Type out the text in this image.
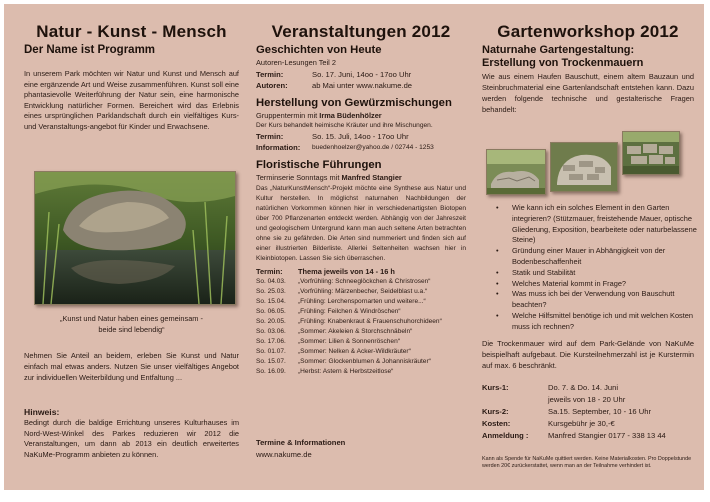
Natur - Kunst - Mensch
Der Name ist Programm
In unserem Park möchten wir Natur und Kunst und Mensch auf eine ergänzende Art und Weise zusammenführen. Kunst soll eine phantasievolle Weiterführung der Natur sein, eine harmonische Entwicklung natürlicher Formen. Bereichert wird das Erlebnis eines ursprünglichen Parklandschaft durch ein vielfältiges Kurs- und Veranstaltungs-angebot für Kinder und Erwachsene.
„Kunst und Natur haben eines gemeinsam -
beide sind lebendig“
Nehmen Sie Anteil an beidem, erleben Sie Kunst und Natur einfach mal etwas anders. Nutzen Sie unser vielfältiges Angebot zur individuellen Weiterbildung und Entfaltung ...
Hinweis:
Bedingt durch die baldige Errichtung unseres Kulturhauses im Nord-West-Winkel des Parkes reduzieren wir 2012 die Veranstaltungen, um dann ab 2013 ein deutlich erweitertes NaKuMe-Programm anbieten zu können.
Veranstaltungen 2012
Geschichten von Heute
Autoren-Lesungen Teil 2
Termin:	So. 17. Juni, 14oo - 17oo Uhr
Autoren:	ab Mai unter www.nakume.de
Herstellung von Gewürzmischungen
Gruppentermin mit Irma Büdenhölzer
Der Kurs behandelt heimische Kräuter und ihre Mischungen.
Termin:	So. 15. Juli, 14oo - 17oo Uhr
Information:	buedenhoelzer@yahoo.de / 02744 - 1253
Floristische Führungen
Terminserie Sonntags mit Manfred Stangier
Das „NaturKunstMensch“-Projekt möchte eine Synthese aus Natur und Kultur herstellen. In möglichst naturnahen Nachbildungen der natürlichen Vorkommen können hier in verschiedenartigsten Biotopen über 700 Pflanzenarten entdeckt werden. Abhängig von der Jahreszeit und geologischem Untergrund kann man auch seltene Arten betrachten ohne sie zu gefährden. Die Arten sind nummeriert und finden sich auf einer illustrierten Bilderliste. Allerlei Seltenheiten wachsen hier in Kleinbiotopen. Lassen Sie sich überraschen.
Termin:	Thema jeweils von 14 - 16 h
So. 04.03.	„Vorfrühling: Schneeglöckchen & Christrosen“
So. 25.03.	„Vorfrühling: Märzenbecher, Seidelblast u.a.“
So. 15.04.	„Frühling: Lerchenspornarten und weitere...“
So. 06.05.	„Frühling: Feilchen & Windröschen“
So. 20.05.	„Frühling: Knabenkraut & Frauenschuhorchideen“
So. 03.06.	„Sommer: Akeleien & Storchschnäbeln“
So. 17.06.	„Sommer: Lilien & Sonnenröschen“
So. 01.07.	„Sommer: Nelken & Acker-Wildkräuter“
So. 15.07.	„Sommer: Glockenblumen & Johanniskräuter“
So. 16.09.	„Herbst: Astern & Herbstzeitlose“
Termine & Informationen
www.nakume.de
Gartenworkshop 2012
Naturnahe Gartengestaltung:
Erstellung von Trockenmauern
Wie aus einem Haufen Bauschutt, einem altem Bauzaun und Steinbruchmaterial eine Gartenlandschaft entstehen kann. Dazu werden folgende technische und gestalterische Fragen behandelt:
• Wie kann ich ein solches Element in den Garten integrieren? (Stützmauer, freistehende Mauer, optische Gliederung, Exposition, bearbeitete oder naturbelassene Steine)
• Gründung einer Mauer in Abhängigkeit von der Bodenbeschaffenheit
• Statik und Stabilität
• Welches Material kommt in Frage?
• Was muss ich bei der Verwendung von Bauschutt beachten?
• Welche Hilfsmittel benötige ich und mit welchen Kosten muss ich rechnen?
Die Trockenmauer wird auf dem Park-Gelände von NaKuMe beispielhaft aufgebaut. Die Kursteilnehmerzahl ist je Kurstermin auf max. 6 beschränkt.
Kurs-1:	Do. 7. & Do. 14. Juni
jeweils von 18 - 20 Uhr
Kurs-2:	Sa.15. September, 10 - 16 Uhr
Kosten:	Kursgebühr je 30,-€
Anmeldung :	Manfred Stangier 0177 - 338 13 44
Kann als Spende für NaKuMe quittiert werden. Keine Materialkosten. Pro Doppelstunde werden 20€ zurückerstattet, wenn man an der Teilnahme verhindert ist.
